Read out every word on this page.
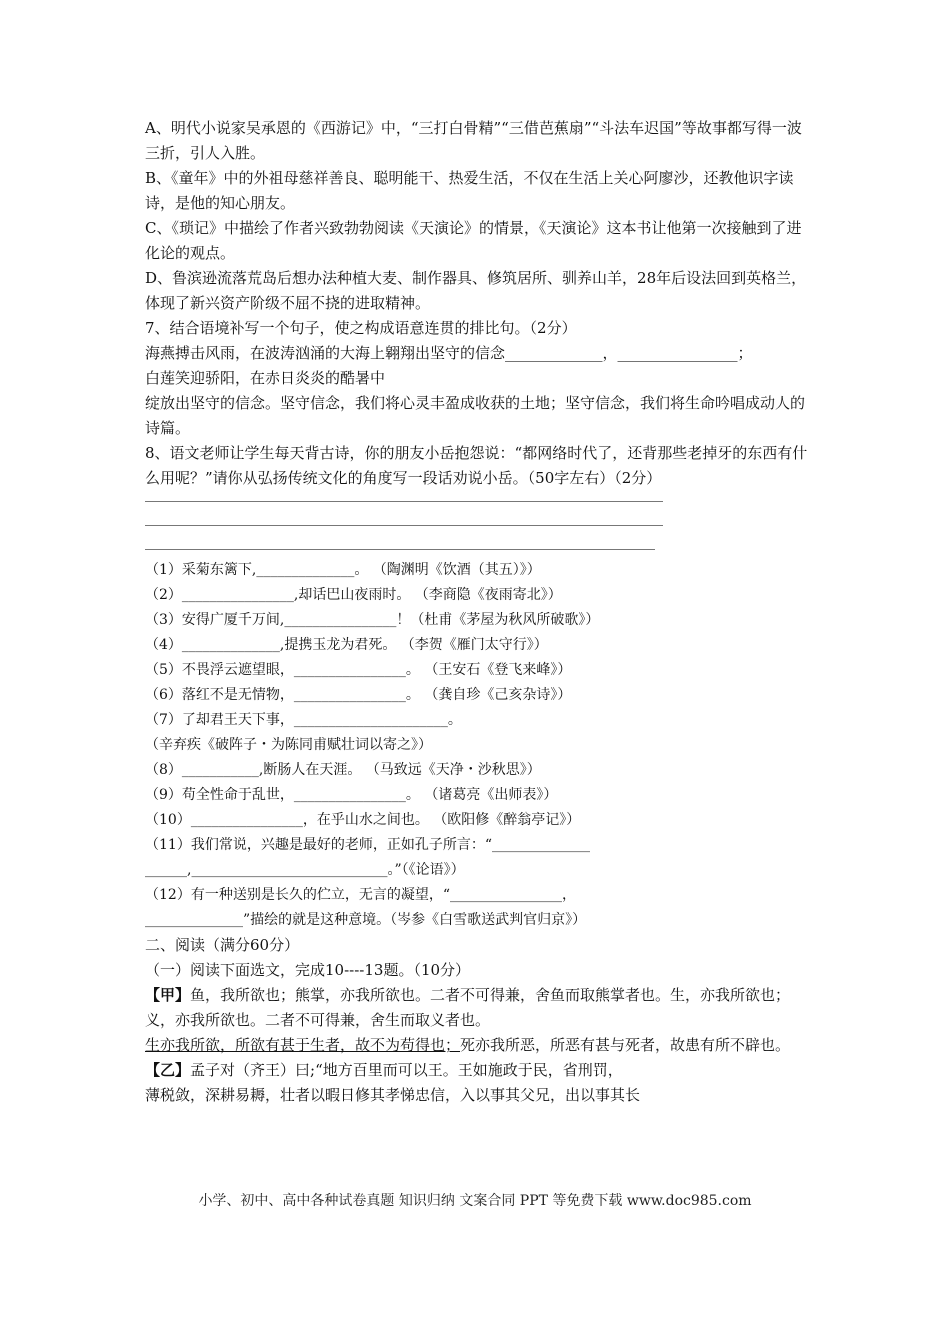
A、明代小说家吴承恩的《西游记》中，“三打白骨精”“三借芭蕉扇”“斗法车迟国”等故事都写得一波三折，引人入胜。

B、《童年》中的外祖母慈祥善良、聪明能干、热爱生活，不仅在生活上关心阿廖沙，还教他识字读诗，是他的知心朋友。

C、《琐记》中描绘了作者兴致勃勃阅读《天演论》的情景，《天演论》这本书让他第一次接触到了进化论的观点。

D、鲁滨逊流落荒岛后想办法种植大麦、制作器具、修筑居所、驯养山羊，28年后设法回到英格兰，体现了新兴资产阶级不屈不挠的进取精神。

7、结合语境补写一个句子，使之构成语意连贯的排比句。（2分）

海燕搏击风雨，在波涛汹涌的大海上翱翔出坚守的信念_____________，________________；

白莲笑迎骄阳，在赤日炎炎的酷暑中

绽放出坚守的信念。坚守信念，我们将心灵丰盈成收获的土地；坚守信念，我们将生命吟唱成动人的诗篇。

8、语文老师让学生每天背古诗，你的朋友小岳抱怨说：“都网络时代了，还背那些老掉牙的东西有什么用呢？”请你从弘扬传统文化的角度写一段话劝说小岳。（50字左右）（2分）

（1）采菊东篱下,______________。 （陶渊明《饮酒（其五）》）

（2）________________,却话巴山夜雨时。 （李商隐《夜雨寄北》）

（3）安得广厦千万间,________________！（杜甫《茅屋为秋风所破歌》）

（4）______________,提携玉龙为君死。 （李贺《雁门太守行》）

（5）不畏浮云遮望眼，________________。 （王安石《登飞来峰》）

（6）落红不是无情物，________________。 （龚自珍《己亥杂诗》）

（7）了却君王天下事，______________________。

（辛弃疾《破阵子・为陈同甫赋壮词以寄之》）

（8）___________,断肠人在天涯。 （马致远《天净・沙秋思》）

（9）苟全性命于乱世，________________。 （诸葛亮《出师表》）

（10）________________，在乎山水之间也。 （欧阳修《醉翁亭记》）

（11）我们常说，兴趣是最好的老师，正如孔子所言：“______________

______,____________________________。”（《论语》）

（12）有一种送别是长久的伫立，无言的凝望，“________________，

______________”描绘的就是这种意境。（岑参《白雪歌送武判官归京》）

二、阅读（满分60分）

（一）阅读下面选文，完成10----13题。（10分）

【甲】鱼，我所欲也；熊掌，亦我所欲也。二者不可得兼，舍鱼而取熊掌者也。生，亦我所欲也；义，亦我所欲也。二者不可得兼，舍生而取义者也。

生亦我所欲，所欲有甚于生者，故不为苟得也；死亦我所恶，所恶有甚与死者，故患有所不辟也。

【乙】孟子对（齐王）曰;“地方百里而可以王。王如施政于民，省刑罚，

薄税敛，深耕易耨，壮者以暇日修其孝悌忠信，入以事其父兄，出以事其长

小学、初中、高中各种试卷真题 知识归纳 文案合同 PPT 等免费下载 www.doc985.com
